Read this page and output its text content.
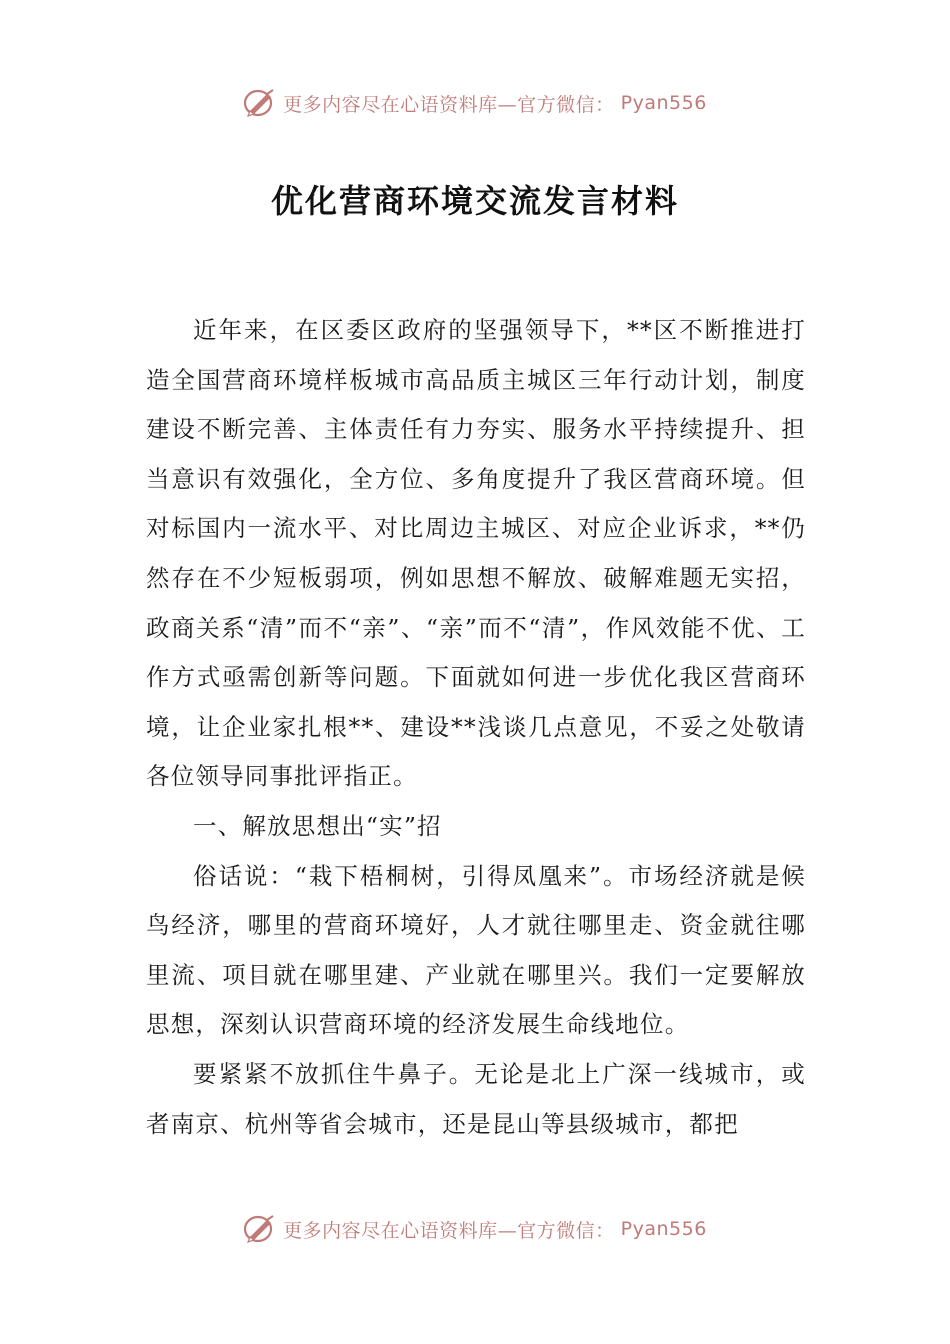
更多内容尽在心语资料库—官方微信： Pyan556
优化营商环境交流发言材料

近年来，在区委区政府的坚强领导下，**区不断推进打造全国营商环境样板城市高品质主城区三年行动计划，制度建设不断完善、主体责任有力夯实、服务水平持续提升、担当意识有效强化，全方位、多角度提升了我区营商环境。但对标国内一流水平、对比周边主城区、对应企业诉求，**仍然存在不少短板弱项，例如思想不解放、破解难题无实招，政商关系“清”而不“亲”、“亲”而不“清”，作风效能不优、工作方式亟需创新等问题。下面就如何进一步优化我区营商环境，让企业家扎根**、建设**浅谈几点意见，不妥之处敬请各位领导同事批评指正。

一、解放思想出“实”招

俗话说：“栽下梧桐树，引得凤凰来”。市场经济就是候鸟经济，哪里的营商环境好，人才就往哪里走、资金就往哪里流、项目就在哪里建、产业就在哪里兴。我们一定要解放思想，深刻认识营商环境的经济发展生命线地位。

要紧紧不放抓住牛鼻子。无论是北上广深一线城市，或者南京、杭州等省会城市，还是昆山等县级城市，都把

更多内容尽在心语资料库—官方微信： Pyan556
